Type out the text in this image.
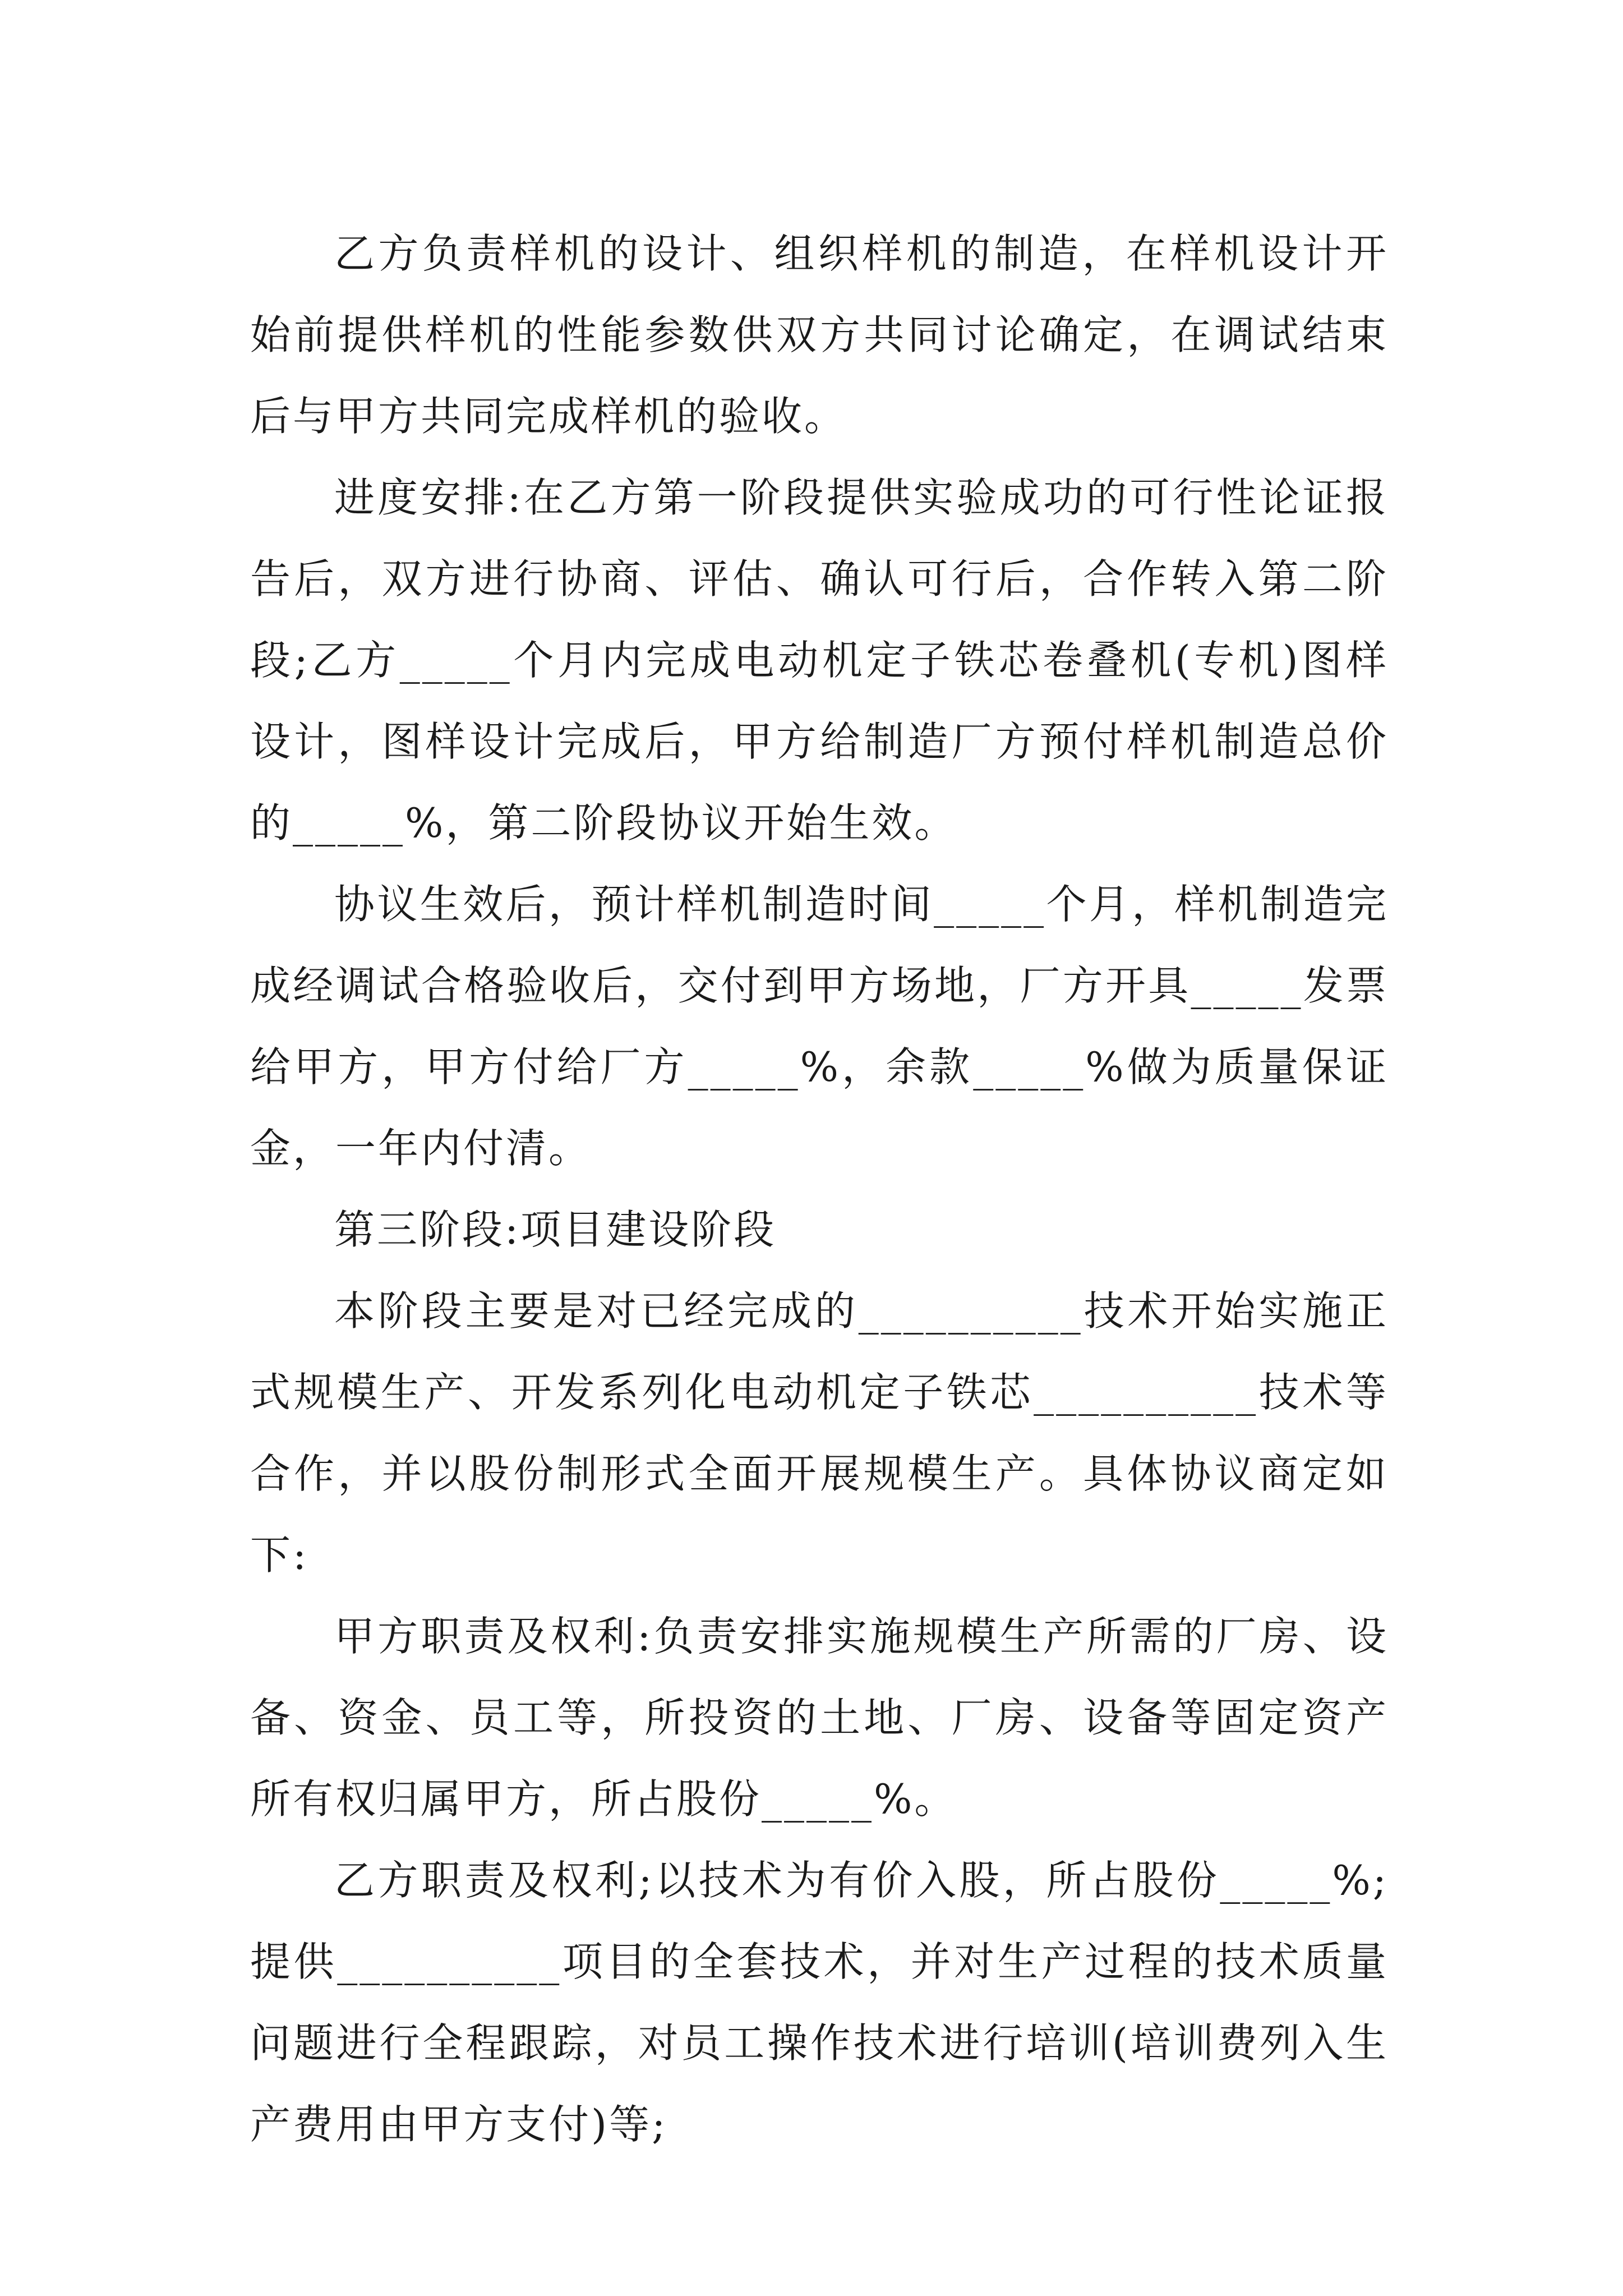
乙方负责样机的设计、组织样机的制造，在样机设计开始前提供样机的性能参数供双方共同讨论确定，在调试结束后与甲方共同完成样机的验收。

进度安排:在乙方第一阶段提供实验成功的可行性论证报告后，双方进行协商、评估、确认可行后，合作转入第二阶段;乙方_____个月内完成电动机定子铁芯卷叠机(专机)图样设计，图样设计完成后，甲方给制造厂方预付样机制造总价的_____%，第二阶段协议开始生效。

协议生效后，预计样机制造时间_____个月，样机制造完成经调试合格验收后，交付到甲方场地，厂方开具_____发票给甲方，甲方付给厂方_____%，余款_____%做为质量保证金，一年内付清。

第三阶段:项目建设阶段

本阶段主要是对已经完成的__________技术开始实施正式规模生产、开发系列化电动机定子铁芯__________技术等合作，并以股份制形式全面开展规模生产。具体协议商定如下:

甲方职责及权利:负责安排实施规模生产所需的厂房、设备、资金、员工等，所投资的土地、厂房、设备等固定资产所有权归属甲方，所占股份_____%。

乙方职责及权利;以技术为有价入股，所占股份_____%;提供__________项目的全套技术，并对生产过程的技术质量问题进行全程跟踪，对员工操作技术进行培训(培训费列入生产费用由甲方支付)等;
